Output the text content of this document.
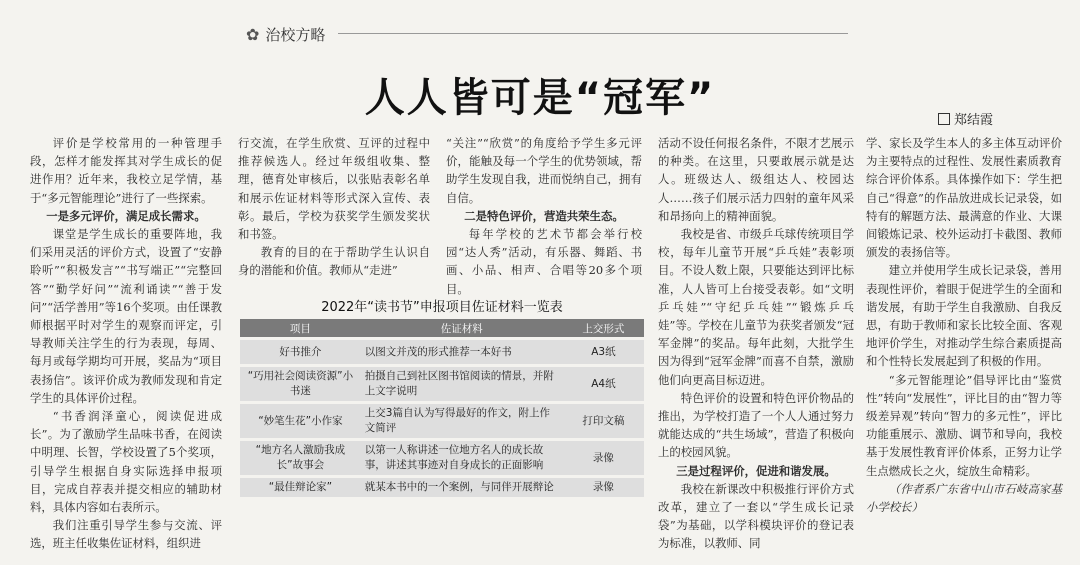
✿ 治校方略
人人皆可是“冠军”	郑结霞

评价是学校常用的一种管理手段，怎样才能发挥其对学生成长的促进作用？近年来，我校立足学情，基于“多元智能理论”进行了一些探索。

一是多元评价，满足成长需求。

课堂是学生成长的重要阵地，我们采用灵活的评价方式，设置了“安静聆听”“积极发言”“书写端正”“完整回答”“勤学好问”“流利诵读”“善于发问”“活学善用”等16个奖项。由任课教师根据平时对学生的观察而评定，引导教师关注学生的行为表现，每周、每月或每学期均可开展，奖品为“项目表扬信”。该评价成为教师发现和肯定学生的具体评价过程。

“书香润泽童心，阅读促进成长”。为了激励学生品味书香，在阅读中明理、长智，学校设置了5个奖项，引导学生根据自身实际选择申报项目，完成自荐表并提交相应的辅助材料，具体内容如右表所示。

我们注重引导学生参与交流、评选，班主任收集佐证材料，组织进

行交流，在学生欣赏、互评的过程中推荐候选人。经过年级组收集、整理，德育处审核后，以张贴表彰名单和展示佐证材料等形式深入宣传、表彰。最后，学校为获奖学生颁发奖状和书签。

教育的目的在于帮助学生认识自身的潜能和价值。教师从“走进”

“关注”“欣赏”的角度给予学生多元评价，能触及每一个学生的优势领域，帮助学生发现自我，进而悦纳自己，拥有自信。

二是特色评价，营造共荣生态。

每年学校的艺术节都会举行校园“达人秀”活动，有乐器、舞蹈、书画、小品、相声、合唱等20多个项目。

活动不设任何报名条件，不限才艺展示的种类。在这里，只要敢展示就是达人。班级达人、级组达人、校园达人……孩子们展示活力四射的童年风采和昂扬向上的精神面貌。

我校是省、市级乒乓球传统项目学校，每年儿童节开展“乒乓娃”表彰项目。不设人数上限，只要能达到评比标准，人人皆可上台接受表彰。如“文明乒乓娃”“守纪乒乓娃”“锻炼乒乓娃”等。学校在儿童节为获奖者颁发“冠军金牌”的奖品。每年此刻，大批学生因为得到“冠军金牌”而喜不自禁，激励他们向更高目标迈进。

特色评价的设置和特色评价物品的推出，为学校打造了一个人人通过努力就能达成的“共生场域”，营造了积极向上的校园风貌。

三是过程评价，促进和谐发展。

我校在新课改中积极推行评价方式改革，建立了一套以“学生成长记录袋”为基础，以学科模块评价的登记表为标准，以教师、同

学、家长及学生本人的多主体互动评价为主要特点的过程性、发展性素质教育综合评价体系。具体操作如下：学生把自己“得意”的作品放进成长记录袋，如特有的解题方法、最满意的作业、大课间锻炼记录、校外运动打卡截图、教师颁发的表扬信等。

建立并使用学生成长记录袋，善用表现性评价，着眼于促进学生的全面和谐发展，有助于学生自我激励、自我反思，有助于教师和家长比较全面、客观地评价学生，对推动学生综合素质提高和个性特长发展起到了积极的作用。

“多元智能理论”倡导评比由“鉴赏性”转向“发展性”，评比目的由“智力等级差异观”转向“智力的多元性”，评比功能重展示、激励、调节和导向，我校基于发展性教育评价体系，正努力让学生点燃成长之火，绽放生命精彩。

（作者系广东省中山市石岐高家基小学校长）

2022年“读书节”申报项目佐证材料一览表
项目	佐证材料	上交形式
好书推介	以图文并茂的形式推荐一本好书	A3纸
“巧用社会阅读资源”小书迷	拍摄自己到社区图书馆阅读的情景，并附上文字说明	A4纸
“妙笔生花”小作家	上交3篇自认为写得最好的作文，附上作文简评	打印文稿
“地方名人激励我成长”故事会	以第一人称讲述一位地方名人的成长故事，讲述其事迹对自身成长的正面影响	录像
“最佳辩论家”	就某本书中的一个案例，与同伴开展辩论	录像
